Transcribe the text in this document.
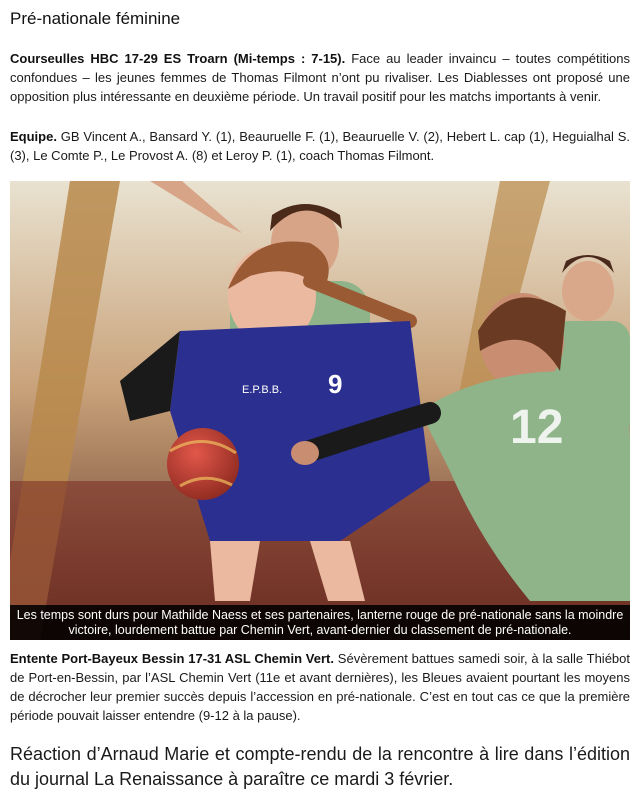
Pré-nationale féminine

Courseulles HBC 17-29 ES Troarn (Mi-temps : 7-15). Face au leader invaincu – toutes compétitions confondues – les jeunes femmes de Thomas Filmont n’ont pu rivaliser. Les Diablesses ont proposé une opposition plus intéressante en deuxième période. Un travail positif pour les matchs importants à venir.

Equipe. GB Vincent A., Bansard Y. (1), Beauruelle F. (1), Beauruelle V. (2), Hebert L. cap (1), Heguialhal S. (3), Le Comte P., Le Provost A. (8) et Leroy P. (1), coach Thomas Filmont.

E.P.B.B. 9
12
Les temps sont durs pour Mathilde Naess et ses partenaires, lanterne rouge de pré-nationale sans la moindre victoire, lourdement battue par Chemin Vert, avant-dernier du classement de pré-nationale.

Entente Port-Bayeux Bessin 17-31 ASL Chemin Vert. Sévèrement battues samedi soir, à la salle Thiébot de Port-en-Bessin, par l’ASL Chemin Vert (11e et avant dernières), les Bleues avaient pourtant les moyens de décrocher leur premier succès depuis l’accession en pré-nationale. C’est en tout cas ce que la première période pouvait laisser entendre (9-12 à la pause).

Réaction d’Arnaud Marie et compte-rendu de la rencontre à lire dans l’édition du journal La Renaissance à paraître ce mardi 3 février.
